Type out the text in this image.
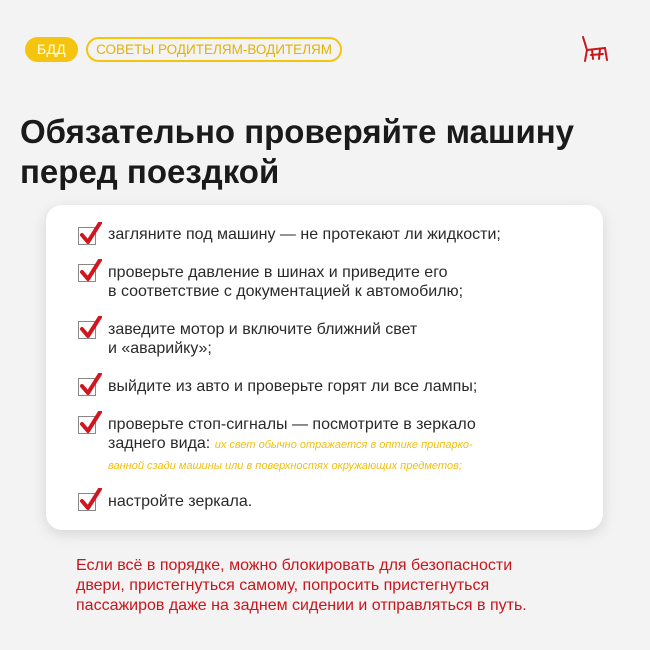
БДД	СОВЕТЫ РОДИТЕЛЯМ-ВОДИТЕЛЯМ
Обязательно проверяйте машину
перед поездкой
загляните под машину — не протекают ли жидкости;
проверьте давление в шинах и приведите его
в соответствие с документацией к автомобилю;
заведите мотор и включите ближний свет
и «аварийку»;
выйдите из авто и проверьте горят ли все лампы;
проверьте стоп-сигналы — посмотрите в зеркало
заднего вида: их свет обычно отражается в оптике припарко-
ванной сзади машины или в поверхностях окружающих предметов;
настройте зеркала.

Если всё в порядке, можно блокировать для безопасности
двери, пристегнуться самому, попросить пристегнуться
пассажиров даже на заднем сидении и отправляться в путь.
